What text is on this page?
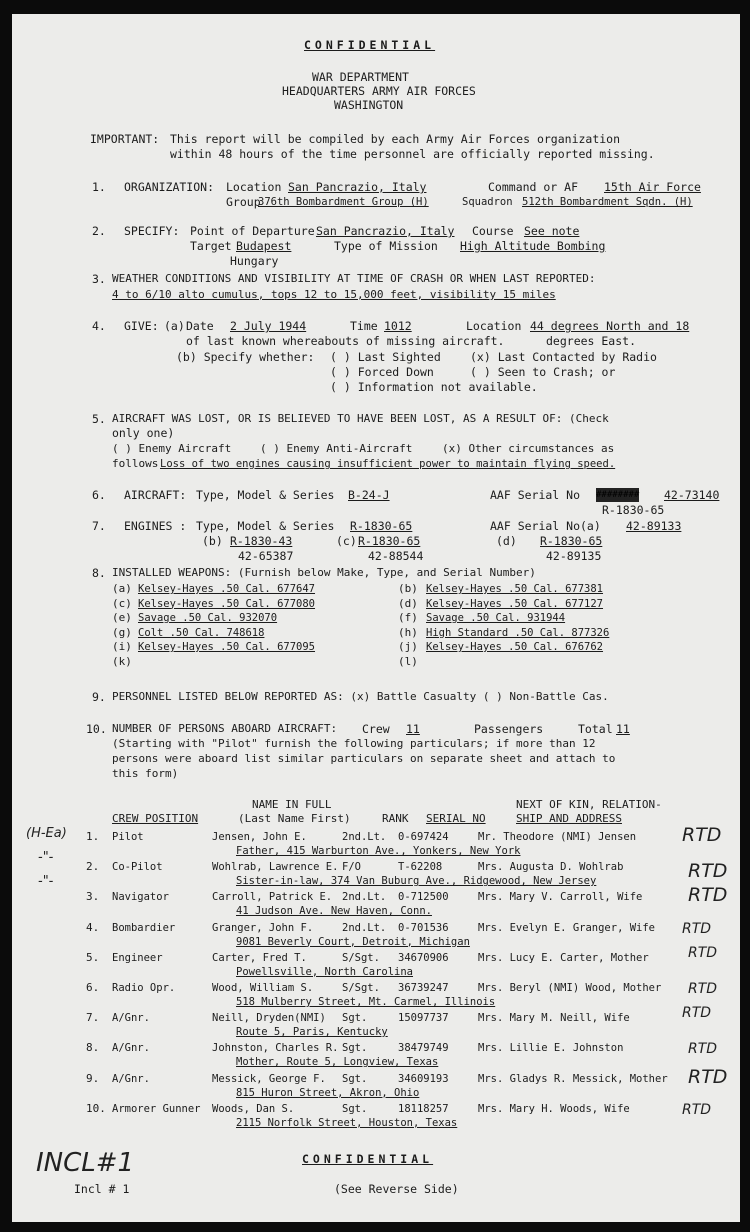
CONFIDENTIAL
WAR DEPARTMENT
HEADQUARTERS ARMY AIR FORCES
WASHINGTON
IMPORTANT: This report will be compiled by each Army Air Forces organization
within 48 hours of the time personnel are officially reported missing.
1. ORGANIZATION: Location San Pancrazio, Italy	Command or AF 15th Air Force
Group
376th Bombardment Group (H)	Squadron 512th Bombardment Sqdn. (H)
2. SPECIFY: Point of Departure San Pancrazio, Italy Course See note
Target Budapest
Hungary
Type of Mission High Altitude Bombing
3. WEATHER CONDITIONS AND VISIBILITY AT TIME OF CRASH OR WHEN LAST REPORTED:
4 to 6/10 alto cumulus, tops 12 to 15,000 feet, visibility 15 miles
4. GIVE: (a) Date 2 July 1944	Time 1012	Location 44 degrees North and 18
of last known whereabouts of missing aircraft.	degrees East.
(b) Specify whether: ( ) Last Sighted	(x) Last Contacted by Radio
( ) Forced Down	( ) Seen to Crash; or
( ) Information not available.
5. AIRCRAFT WAS LOST, OR IS BELIEVED TO HAVE BEEN LOST, AS A RESULT OF: (Check
only one)
( ) Enemy Aircraft	( ) Enemy Anti-Aircraft	(x) Other circumstances as
follows Loss of two engines causing insufficient power to maintain flying speed.
6. AIRCRAFT: Type, Model & Series B-24-J	AAF Serial No ######## 42-73140
R-1830-65
7. ENGINES : Type, Model & Series R-1830-65	AAF Serial No(a) 42-89133
(b) R-1830-43
42-65387
(c) R-1830-65
42-88544
(d) R-1830-65
42-89135
8. INSTALLED WEAPONS: (Furnish below Make, Type, and Serial Number)
(a) Kelsey-Hayes .50 Cal. 677647	(b) Kelsey-Hayes .50 Cal. 677381
(c) Kelsey-Hayes .50 Cal. 677080	(d) Kelsey-Hayes .50 Cal. 677127
(e) Savage .50 Cal. 932070	(f) Savage .50 Cal. 931944
(g) Colt .50 Cal. 748618	(h) High Standard .50 Cal. 877326
(i) Kelsey-Hayes .50 Cal. 677095	(j) Kelsey-Hayes .50 Cal. 676762
(k)	(l)
9. PERSONNEL LISTED BELOW REPORTED AS: (x) Battle Casualty ( ) Non-Battle Cas.
10. NUMBER OF PERSONS ABOARD AIRCRAFT: Crew 11	Passengers	Total 11
(Starting with "Pilot" furnish the following particulars; if more than 12
persons were aboard list similar particulars on separate sheet and attach to
this form)
NAME IN FULL
(Last Name First)
CREW POSITION	RANK SERIAL NO
NEXT OF KIN, RELATION-
SHIP AND ADDRESS
1. Pilot	Jensen, John E.	2nd.Lt. 0-697424	Mr. Theodore (NMI) Jensen
Father, 415 Warburton Ave., Yonkers, New York
RTD
2. Co-Pilot	Wohlrab, Lawrence E. F/O	T-62208	Mrs. Augusta D. Wohlrab
Sister-in-law, 374 Van Buburg Ave., Ridgewood, New Jersey	RTD
3. Navigator	Carroll, Patrick E. 2nd.Lt. 0-712500	Mrs. Mary V. Carroll, Wife
41 Judson Ave. New Haven, Conn.
RTD
4. Bombardier	Granger, John F.	2nd.Lt. 0-701536	Mrs. Evelyn E. Granger, Wife
9081 Beverly Court, Detroit, Michigan
RTD
5. Engineer	Carter, Fred T.	S/Sgt. 34670906	Mrs. Lucy E. Carter, Mother
Powellsville, North Carolina
RTD
6. Radio Opr.	Wood, William S.	S/Sgt. 36739247	Mrs. Beryl (NMI) Wood, Mother
518 Mulberry Street, Mt. Carmel, Illinois
RTD
7. A/Gnr.	Neill, Dryden(NMI) Sgt.	15097737	Mrs. Mary M. Neill, Wife
Route 5, Paris, Kentucky
RTD
8. A/Gnr.	Johnston, Charles R. Sgt.	38479749	Mrs. Lillie E. Johnston
Mother, Route 5, Longview, Texas
RTD
9. A/Gnr.	Messick, George F. Sgt.	34609193	Mrs. Gladys R. Messick, Mother
815 Huron Street, Akron, Ohio
RTD
10. Armorer Gunner Woods, Dan S.	Sgt.	18118257	Mrs. Mary H. Woods, Wife
2115 Norfolk Street, Houston, Texas
RTD
(H-Ea)
-"-
-"-
INCL#1	CONFIDENTIAL
Incl # 1	(See Reverse Side)
